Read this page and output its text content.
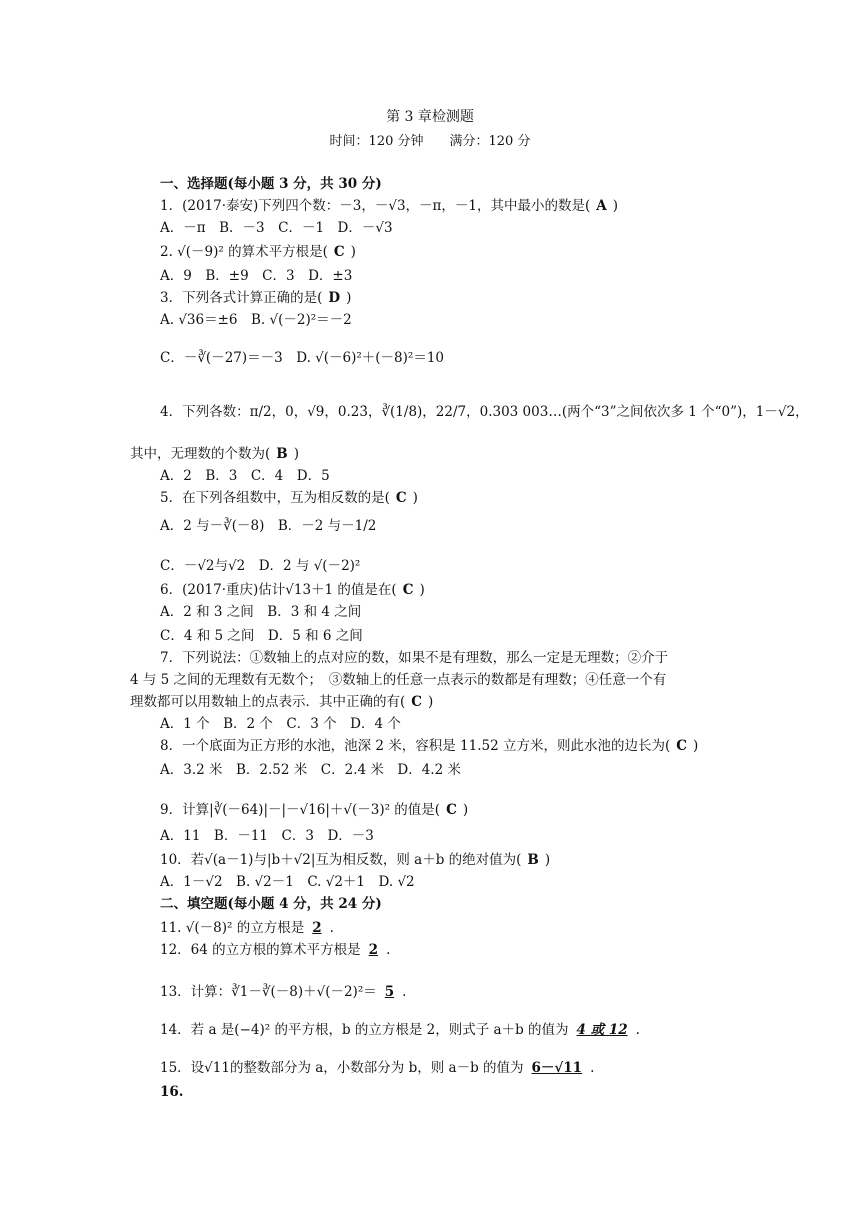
第 3 章检测题
时间：120 分钟　　满分：120 分
一、选择题(每小题 3 分，共 30 分)
1．(2017·泰安)下列四个数：－3，－√3，－π，－1，其中最小的数是( A )
A．－π　B．－3　C．－1　D．－√3
2. √(－9)² 的算术平方根是( C )
A．9　B．±9　C．3　D．±3
3．下列各式计算正确的是( D )
A. √36＝±6　B. √(－2)²＝－2
C．－∛(－27)＝－3　D. √(－6)²＋(－8)²＝10
4．下列各数：π/2，0，√9，0.23̇，∛(1/8)，22/7，0.303 003…(两个“3”之间依次多 1 个“0”)，1－√2，
其中，无理数的个数为( B )
A．2　B．3　C．4　D．5
5．在下列各组数中，互为相反数的是( C )
A．2 与－∛(－8)　B．－2 与－1/2
C．－√2与√2　D．2 与 √(－2)²
6．(2017·重庆)估计√13＋1 的值是在( C )
A．2 和 3 之间　B．3 和 4 之间
C．4 和 5 之间　D．5 和 6 之间
7．下列说法：①数轴上的点对应的数，如果不是有理数，那么一定是无理数；②介于
4 与 5 之间的无理数有无数个；　③数轴上的任意一点表示的数都是有理数；④任意一个有
理数都可以用数轴上的点表示．其中正确的有( C )
A．1 个　B．2 个　C．3 个　D．4 个
8．一个底面为正方形的水池，池深 2 米，容积是 11.52 立方米，则此水池的边长为( C )
A．3.2 米　B．2.52 米　C．2.4 米　D．4.2 米
9．计算|∛(－64)|－|－√16|＋√(－3)² 的值是( C )
A．11　B．－11　C．3　D．－3
10．若√(a－1)与|b＋√2|互为相反数，则 a＋b 的绝对值为( B )
A．1－√2　B. √2－1　C. √2＋1　D. √2
二、填空题(每小题 4 分，共 24 分)
11. √(－8)² 的立方根是 2 .
12．64 的立方根的算术平方根是 2 .
13．计算：∛1－∛(－8)＋√(－2)²＝ 5 .
14．若 a 是(−4)² 的平方根，b 的立方根是 2，则式子 a＋b 的值为 4 或 12 .
15．设√11的整数部分为 a，小数部分为 b，则 a－b 的值为 6－√11 .
16.
